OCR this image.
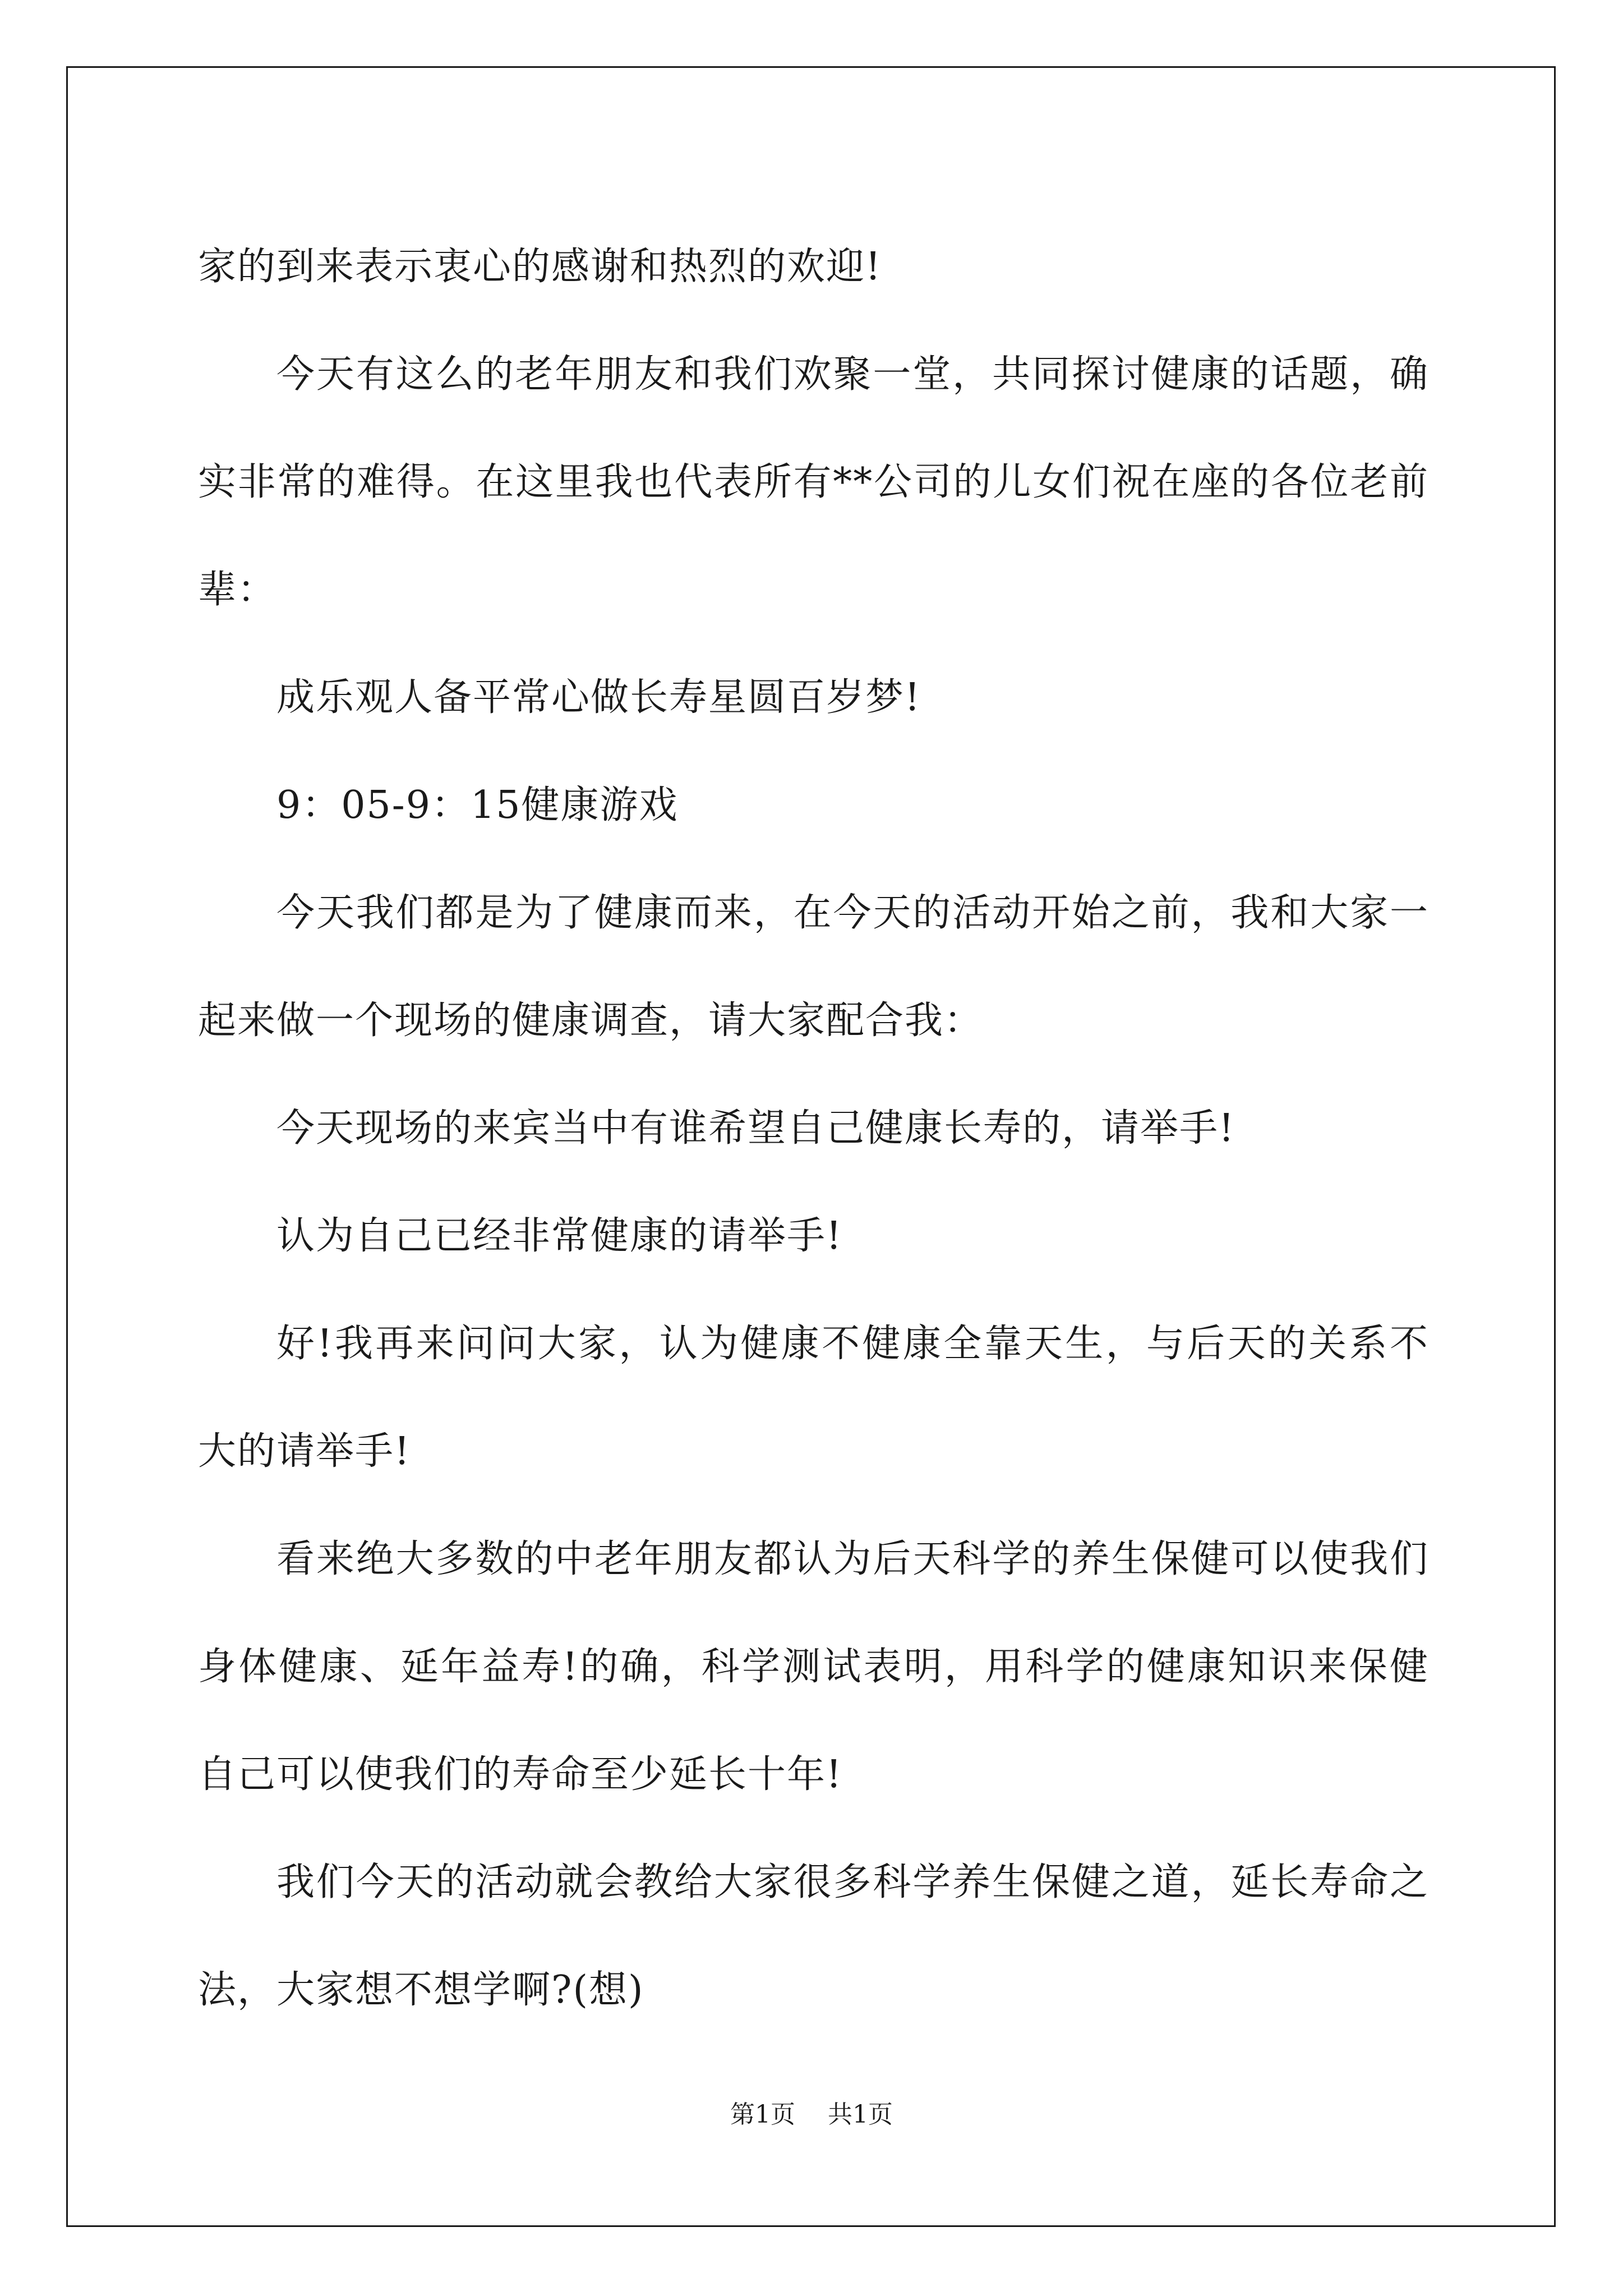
家的到来表示衷心的感谢和热烈的欢迎!

今天有这么的老年朋友和我们欢聚一堂，共同探讨健康的话题，确实非常的难得。在这里我也代表所有**公司的儿女们祝在座的各位老前辈：

成乐观人备平常心做长寿星圆百岁梦!

9：05-9：15健康游戏

今天我们都是为了健康而来，在今天的活动开始之前，我和大家一起来做一个现场的健康调查，请大家配合我：

今天现场的来宾当中有谁希望自己健康长寿的，请举手!

认为自己已经非常健康的请举手!

好!我再来问问大家，认为健康不健康全靠天生，与后天的关系不大的请举手!

看来绝大多数的中老年朋友都认为后天科学的养生保健可以使我们身体健康、延年益寿!的确，科学测试表明，用科学的健康知识来保健自己可以使我们的寿命至少延长十年!

我们今天的活动就会教给大家很多科学养生保健之道，延长寿命之法，大家想不想学啊?(想)

第1页 共1页
